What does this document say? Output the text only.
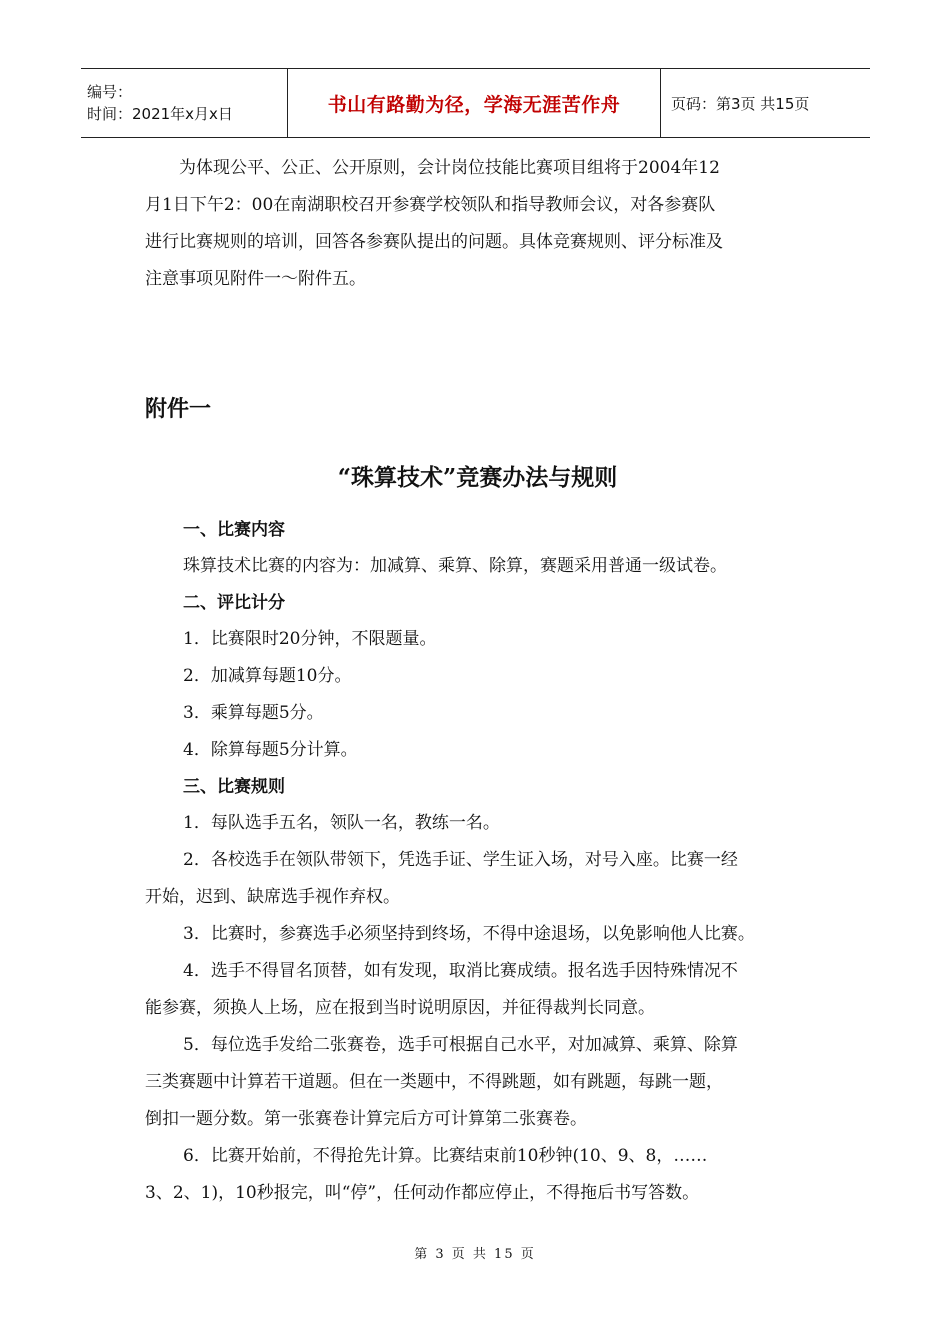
编号：
时间：2021年x月x日	书山有路勤为径，学海无涯苦作舟	页码：第3页 共15页

为体现公平、公正、公开原则，会计岗位技能比赛项目组将于2004年12

月1日下午2：00在南湖职校召开参赛学校领队和指导教师会议，对各参赛队

进行比赛规则的培训，回答各参赛队提出的问题。具体竞赛规则、评分标准及

注意事项见附件一～附件五。

附件一

“珠算技术”竞赛办法与规则

一、比赛内容

珠算技术比赛的内容为：加减算、乘算、除算，赛题采用普通一级试卷。

二、评比计分

1．比赛限时20分钟，不限题量。

2．加减算每题10分。

3．乘算每题5分。

4．除算每题5分计算。

三、比赛规则

1．每队选手五名，领队一名，教练一名。

2．各校选手在领队带领下，凭选手证、学生证入场，对号入座。比赛一经

开始，迟到、缺席选手视作弃权。

3．比赛时，参赛选手必须坚持到终场，不得中途退场，以免影响他人比赛。

4．选手不得冒名顶替，如有发现，取消比赛成绩。报名选手因特殊情况不

能参赛，须换人上场，应在报到当时说明原因，并征得裁判长同意。

5．每位选手发给二张赛卷，选手可根据自己水平，对加减算、乘算、除算

三类赛题中计算若干道题。但在一类题中，不得跳题，如有跳题，每跳一题，

倒扣一题分数。第一张赛卷计算完后方可计算第二张赛卷。

6．比赛开始前，不得抢先计算。比赛结束前10秒钟(10、9、8，……

3、2、1)，10秒报完，叫“停”，任何动作都应停止，不得拖后书写答数。

第 3 页 共 15 页
